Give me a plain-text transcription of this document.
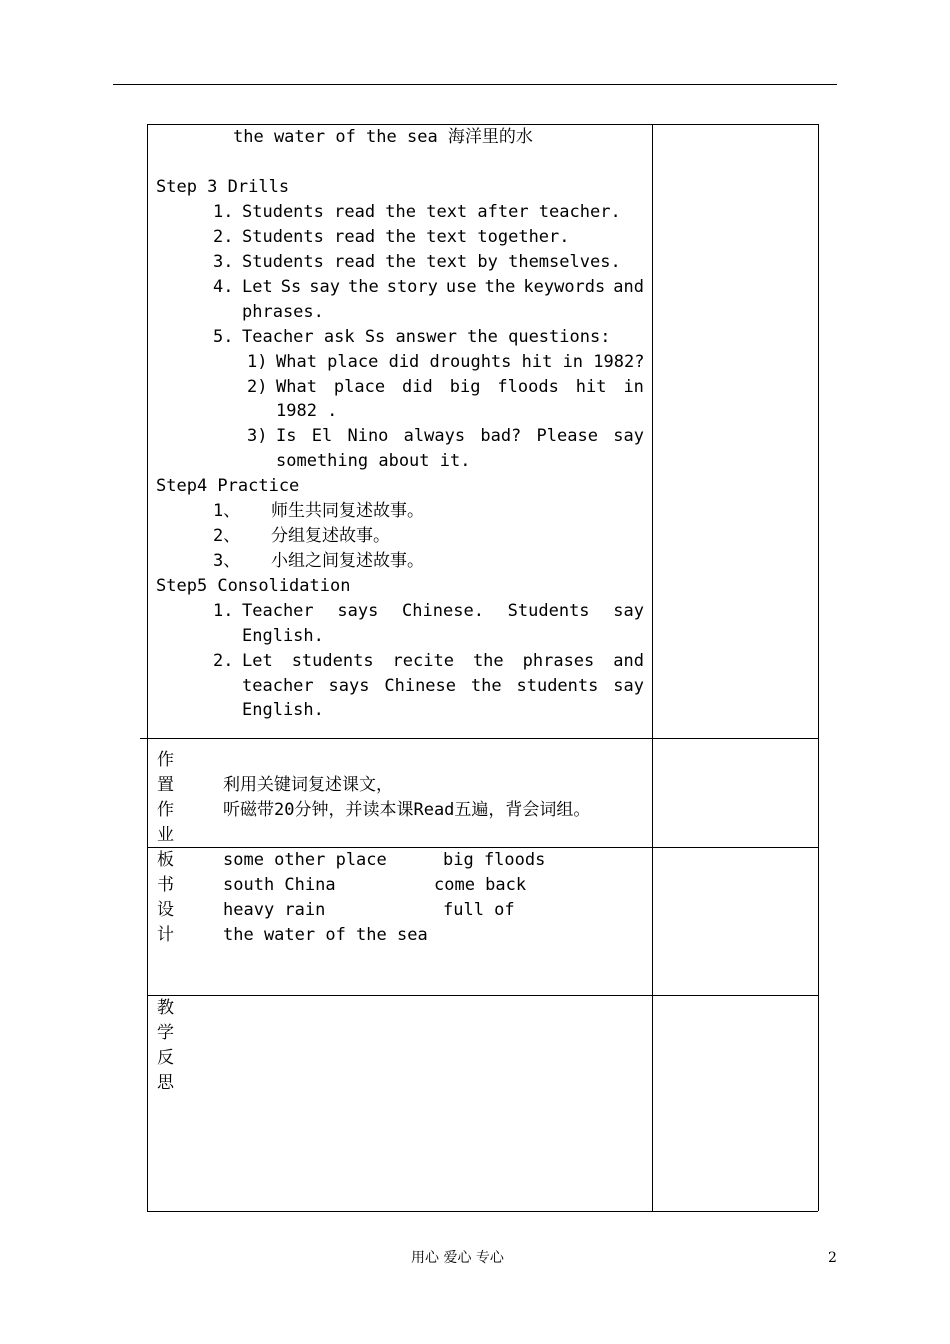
the water of the sea 海洋里的水
Step 3 Drills
1. Students read the text after teacher.
2. Students read the text together.
3. Students read the text by themselves.
4. Let Ss say the story use the keywords and
phrases.
5. Teacher ask Ss answer the questions:
1) What place did droughts hit in 1982?
2) What place did big floods hit in
1982 .
3) Is El Nino always bad? Please say
something about it.
Step4 Practice
1、 师生共同复述故事。
2、 分组复述故事。
3、 小组之间复述故事。
Step5 Consolidation
1. Teacher says Chinese. Students say
English.
2. Let students recite the phrases and
teacher says Chinese the students say
English.
作
置
作
业
利用关键词复述课文，
听磁带20分钟，并读本课Read五遍，背会词组。
板
书
设
计
some other place
south China
heavy rain
the water of the sea
big floods
come back
full of
教
学
反
思
用心 爱心 专心	2
